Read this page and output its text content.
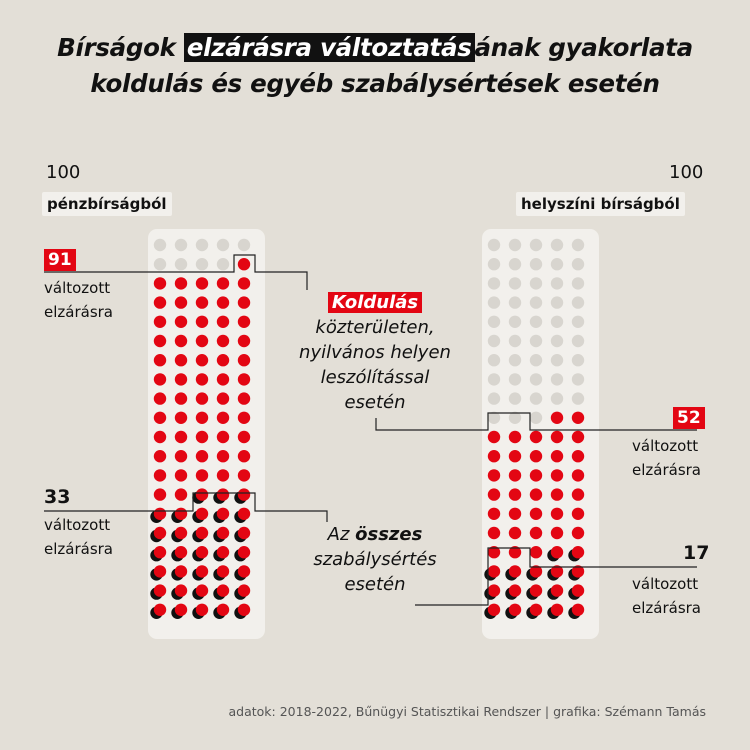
Bírságok elzárásra változtatás ának gyakorlata
koldulás és egyéb szabálysértések esetén
100
pénzbírságból
100
helyszíni bírságból
91
változott
elzárásra
33
változott
elzárásra
52
változott
elzárásra
17
változott
elzárásra
Koldulás
közterületen,
nyilvános helyen
leszólítással
esetén
Az összes
szabálysértés
esetén
adatok: 2018-2022, Bűnügyi Statisztikai Rendszer | grafika: Szémann Tamás
